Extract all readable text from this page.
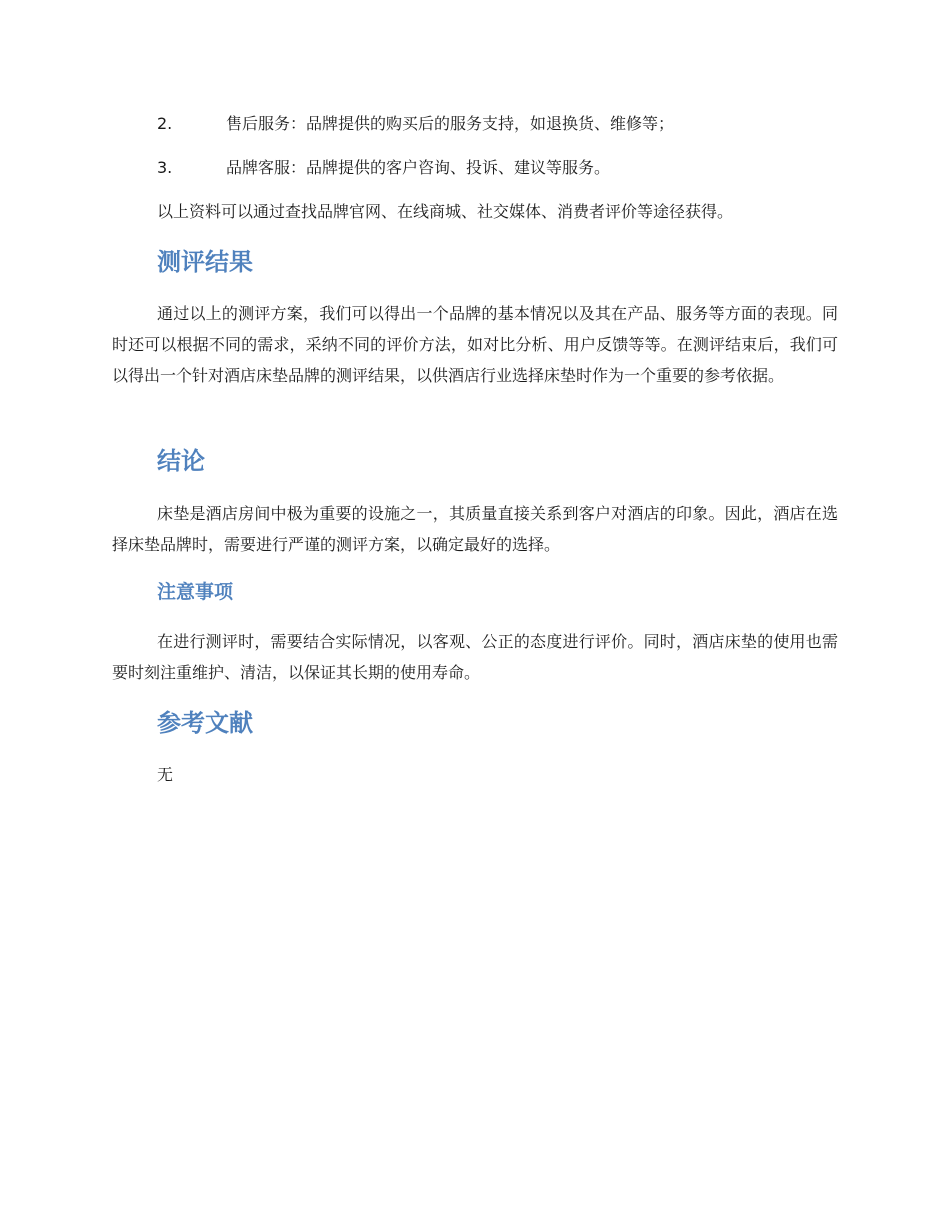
2.	售后服务：品牌提供的购买后的服务支持，如退换货、维修等；
3.	品牌客服：品牌提供的客户咨询、投诉、建议等服务。

以上资料可以通过查找品牌官网、在线商城、社交媒体、消费者评价等途径获得。

测评结果

通过以上的测评方案，我们可以得出一个品牌的基本情况以及其在产品、服务等方面的表现。同时还可以根据不同的需求，采纳不同的评价方法，如对比分析、用户反馈等等。在测评结束后，我们可以得出一个针对酒店床垫品牌的测评结果，以供酒店行业选择床垫时作为一个重要的参考依据。

结论

床垫是酒店房间中极为重要的设施之一，其质量直接关系到客户对酒店的印象。因此，酒店在选择床垫品牌时，需要进行严谨的测评方案，以确定最好的选择。

注意事项

在进行测评时，需要结合实际情况，以客观、公正的态度进行评价。同时，酒店床垫的使用也需要时刻注重维护、清洁，以保证其长期的使用寿命。

参考文献

无
